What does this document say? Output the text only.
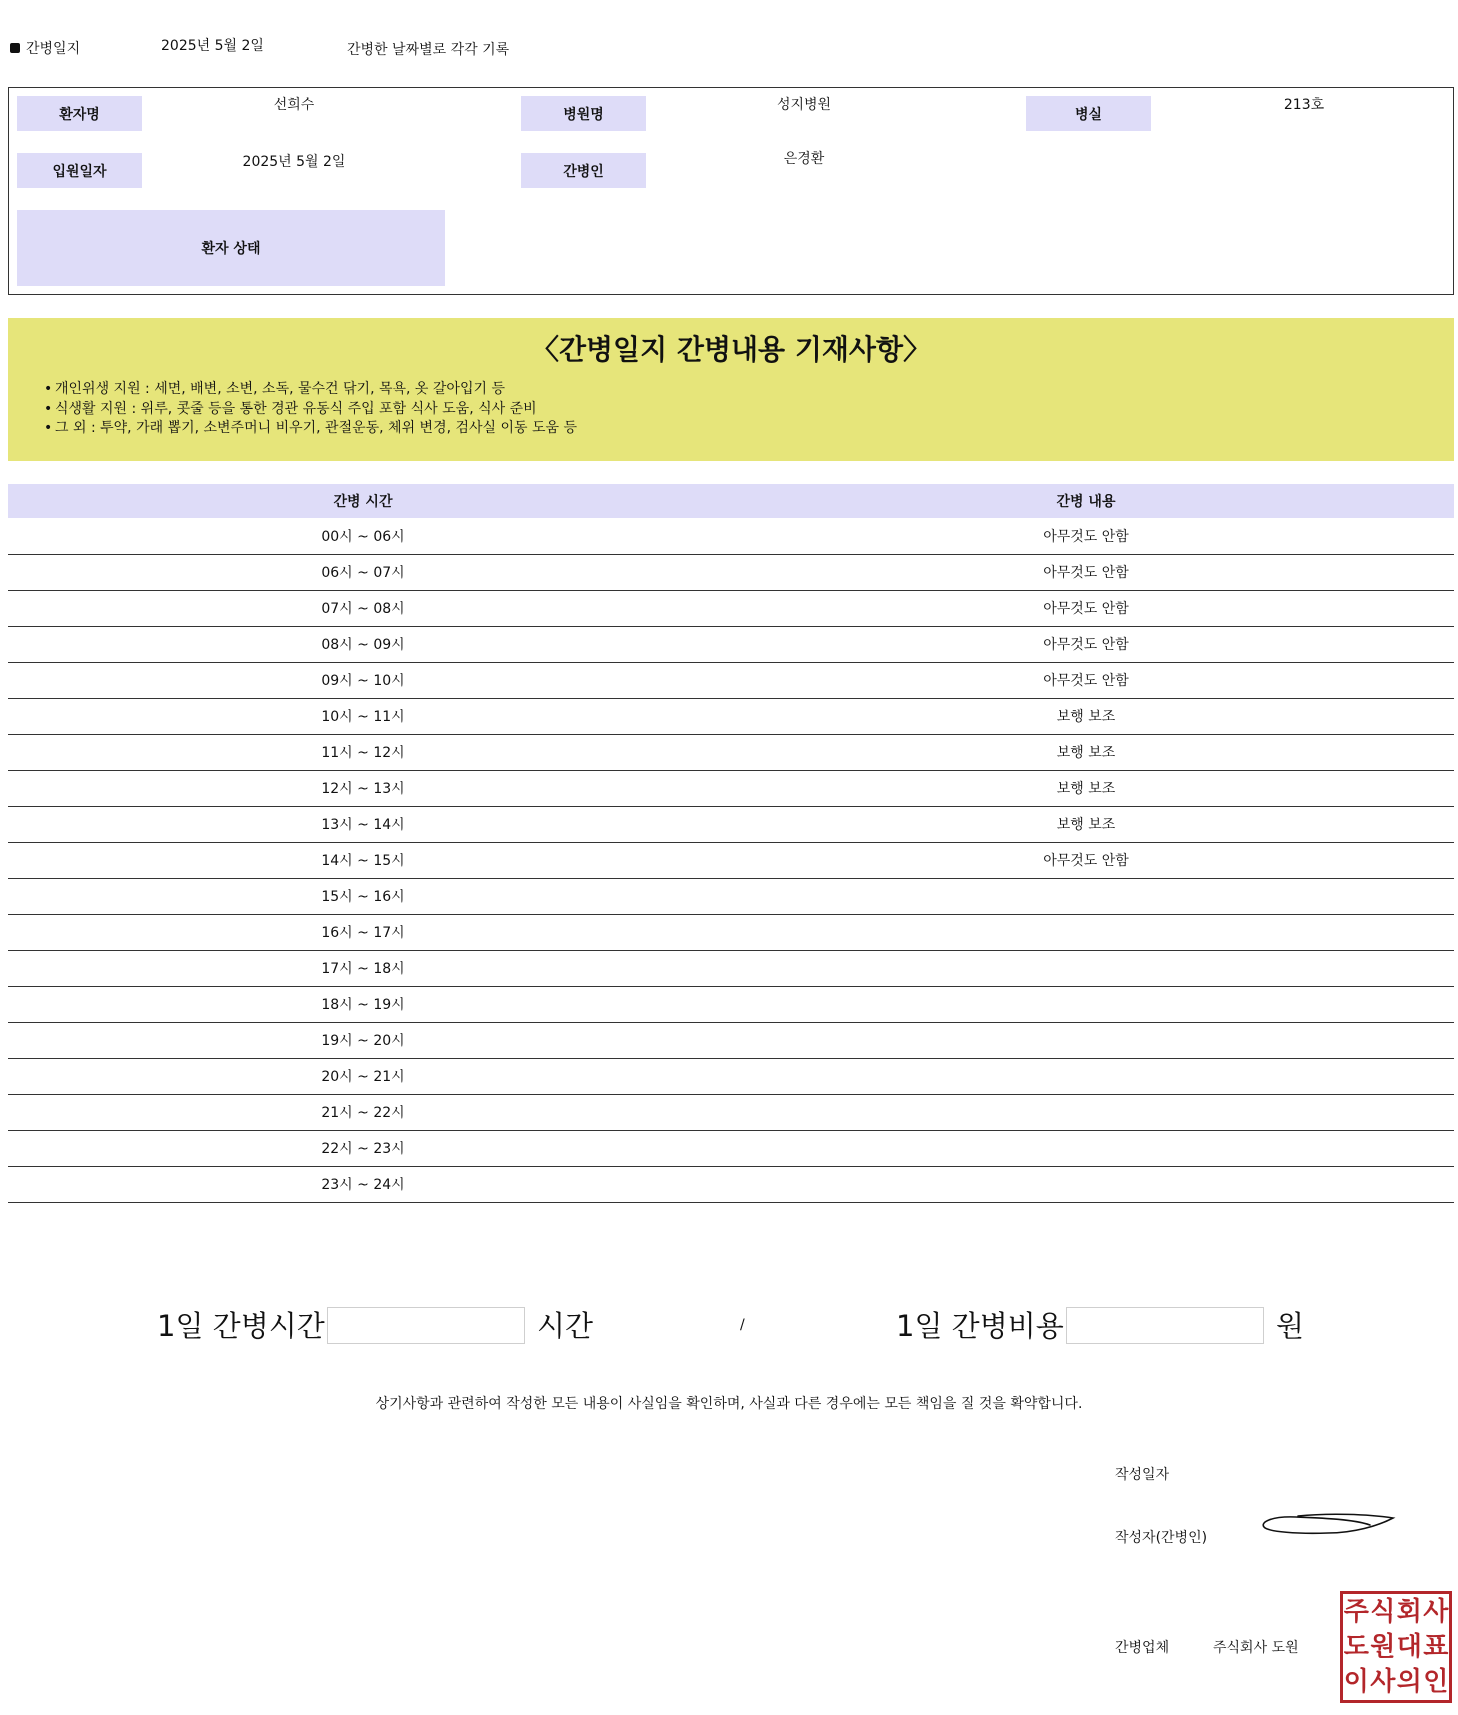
간병일지	2025년 5월 2일	간병한 날짜별로 각각 기록
환자명
선희수
병원명
성지병원
병실
213호
입원일자
2025년 5월 2일
간병인
은경환
환자 상태
〈간병일지 간병내용 기재사항〉
• 개인위생 지원 : 세면, 배변, 소변, 소독, 물수건 닦기, 목욕, 옷 갈아입기 등
• 식생활 지원 : 위루, 콧줄 등을 통한 경관 유동식 주입 포함 식사 도움, 식사 준비
• 그 외 : 투약, 가래 뽑기, 소변주머니 비우기, 관절운동, 체위 변경, 검사실 이동 도움 등
간병 시간	간병 내용
00시 ~ 06시	아무것도 안함
06시 ~ 07시	아무것도 안함
07시 ~ 08시	아무것도 안함
08시 ~ 09시	아무것도 안함
09시 ~ 10시	아무것도 안함
10시 ~ 11시	보행 보조
11시 ~ 12시	보행 보조
12시 ~ 13시	보행 보조
13시 ~ 14시	보행 보조
14시 ~ 15시	아무것도 안함
15시 ~ 16시	
16시 ~ 17시	
17시 ~ 18시	
18시 ~ 19시	
19시 ~ 20시	
20시 ~ 21시	
21시 ~ 22시	
22시 ~ 23시	
23시 ~ 24시	
1일 간병시간	시간	/	1일 간병비용	원
상기사항과 관련하여 작성한 모든 내용이 사실임을 확인하며, 사실과 다른 경우에는 모든 책임을 질 것을 확약합니다.
작성일자
작성자(간병인)
간병업체	주식회사 도원
주 식 회 사
도 원 대 표
이 사 의 인
